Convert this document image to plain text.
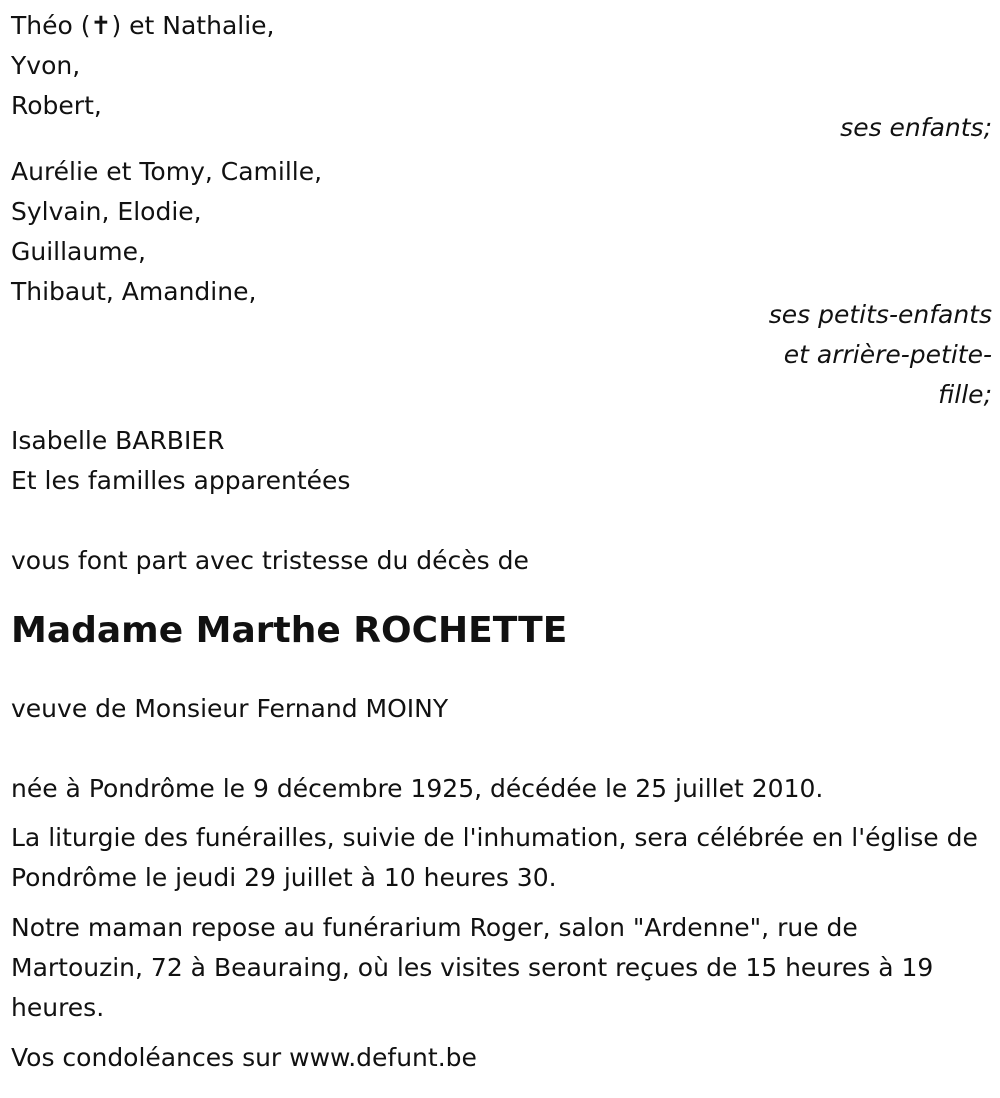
Théo (✝) et Nathalie,
Yvon,
Robert,
ses enfants;
Aurélie et Tomy, Camille,
Sylvain, Elodie,
Guillaume,
Thibaut, Amandine,
ses petits-enfants
et arrière-petite-
fille;
Isabelle BARBIER
Et les familles apparentées
vous font part avec tristesse du décès de
Madame Marthe ROCHETTE
veuve de Monsieur Fernand MOINY
née à Pondrôme le 9 décembre 1925, décédée le 25 juillet 2010.
La liturgie des funérailles, suivie de l'inhumation, sera célébrée en l'église de Pondrôme le jeudi 29 juillet à 10 heures 30.
Notre maman repose au funérarium Roger, salon "Ardenne", rue de Martouzin, 72 à Beauraing, où les visites seront reçues de 15 heures à 19 heures.
Vos condoléances sur www.defunt.be
